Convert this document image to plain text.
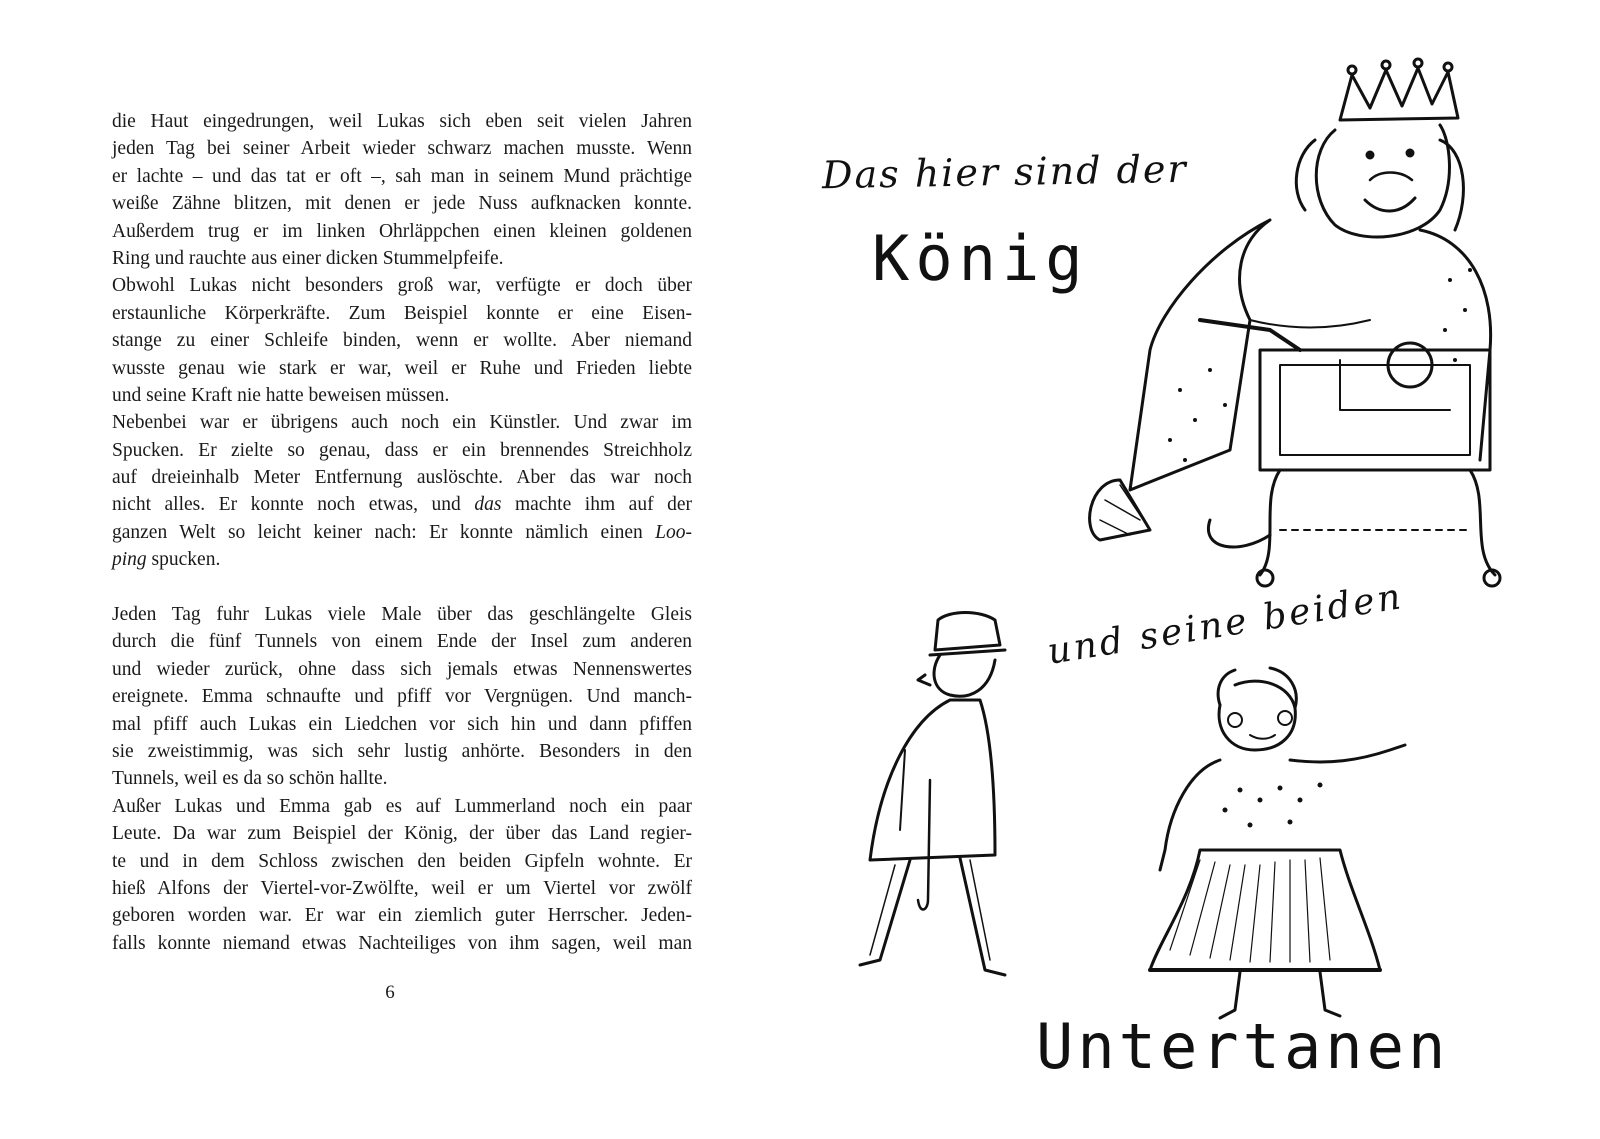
die Haut eingedrungen, weil Lukas sich eben seit vielen Jahren
jeden Tag bei seiner Arbeit wieder schwarz machen musste. Wenn
er lachte – und das tat er oft –, sah man in seinem Mund prächtige
weiße Zähne blitzen, mit denen er jede Nuss aufknacken konnte.
Außerdem trug er im linken Ohrläppchen einen kleinen goldenen
Ring und rauchte aus einer dicken Stummelpfeife.
Obwohl Lukas nicht besonders groß war, verfügte er doch über
erstaunliche Körperkräfte. Zum Beispiel konnte er eine Eisen-
stange zu einer Schleife binden, wenn er wollte. Aber niemand
wusste genau wie stark er war, weil er Ruhe und Frieden liebte
und seine Kraft nie hatte beweisen müssen.
Nebenbei war er übrigens auch noch ein Künstler. Und zwar im
Spucken. Er zielte so genau, dass er ein brennendes Streichholz
auf dreieinhalb Meter Entfernung auslöschte. Aber das war noch
nicht alles. Er konnte noch etwas, und das machte ihm auf der
ganzen Welt so leicht keiner nach: Er konnte nämlich einen Loo-
ping spucken.
Jeden Tag fuhr Lukas viele Male über das geschlängelte Gleis
durch die fünf Tunnels von einem Ende der Insel zum anderen
und wieder zurück, ohne dass sich jemals etwas Nennenswertes
ereignete. Emma schnaufte und pfiff vor Vergnügen. Und manch-
mal pfiff auch Lukas ein Liedchen vor sich hin und dann pfiffen
sie zweistimmig, was sich sehr lustig anhörte. Besonders in den
Tunnels, weil es da so schön hallte.
Außer Lukas und Emma gab es auf Lummerland noch ein paar
Leute. Da war zum Beispiel der König, der über das Land regier-
te und in dem Schloss zwischen den beiden Gipfeln wohnte. Er
hieß Alfons der Viertel-vor-Zwölfte, weil er um Viertel vor zwölf
geboren worden war. Er war ein ziemlich guter Herrscher. Jeden-
falls konnte niemand etwas Nachteiliges von ihm sagen, weil man
6
Das hier sind der
König
und seine beiden
Untertanen
